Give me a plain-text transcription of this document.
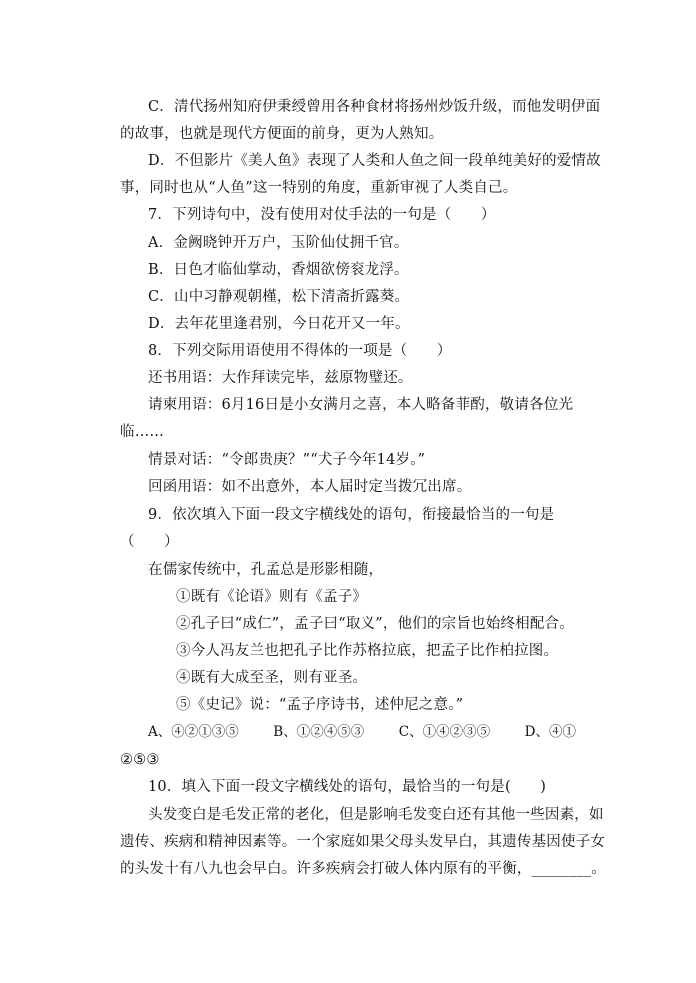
C．清代扬州知府伊秉绶曾用各种食材将扬州炒饭升级，而他发明伊面
的故事，也就是现代方便面的前身，更为人熟知。
D．不但影片《美人鱼》表现了人类和人鱼之间一段单纯美好的爱情故
事，同时也从“人鱼”这一特别的角度，重新审视了人类自己。
7．下列诗句中，没有使用对仗手法的一句是（　　）
A．金阙晓钟开万户，玉阶仙仗拥千官。
B．日色才临仙掌动，香烟欲傍衮龙浮。
C．山中习静观朝槿，松下清斋折露葵。
D．去年花里逢君别，今日花开又一年。
8．下列交际用语使用不得体的一项是（　　）
还书用语：大作拜读完毕，兹原物璧还。
请柬用语：6月16日是小女满月之喜，本人略备菲酌，敬请各位光
临……
情景对话：“令郎贵庚？”“犬子今年14岁。”
回函用语：如不出意外，本人届时定当拨冗出席。
9．依次填入下面一段文字横线处的语句，衔接最恰当的一句是
（　　）
在儒家传统中，孔孟总是形影相随，
①既有《论语》则有《孟子》
②孔子曰“成仁”，孟子曰“取义”，他们的宗旨也始终相配合。
③今人冯友兰也把孔子比作苏格拉底，把孟子比作柏拉图。
④既有大成至圣，则有亚圣。
⑤《史记》说：“孟子序诗书，述仲尼之意。”
A、④②①③⑤	B、①②④⑤③	C、①④②③⑤	D、④①
②⑤③
10．填入下面一段文字横线处的语句，最恰当的一句是(　　)
头发变白是毛发正常的老化，但是影响毛发变白还有其他一些因素，如
遗传、疾病和精神因素等。一个家庭如果父母头发早白，其遗传基因使子女
的头发十有八九也会早白。许多疾病会打破人体内原有的平衡，________。
